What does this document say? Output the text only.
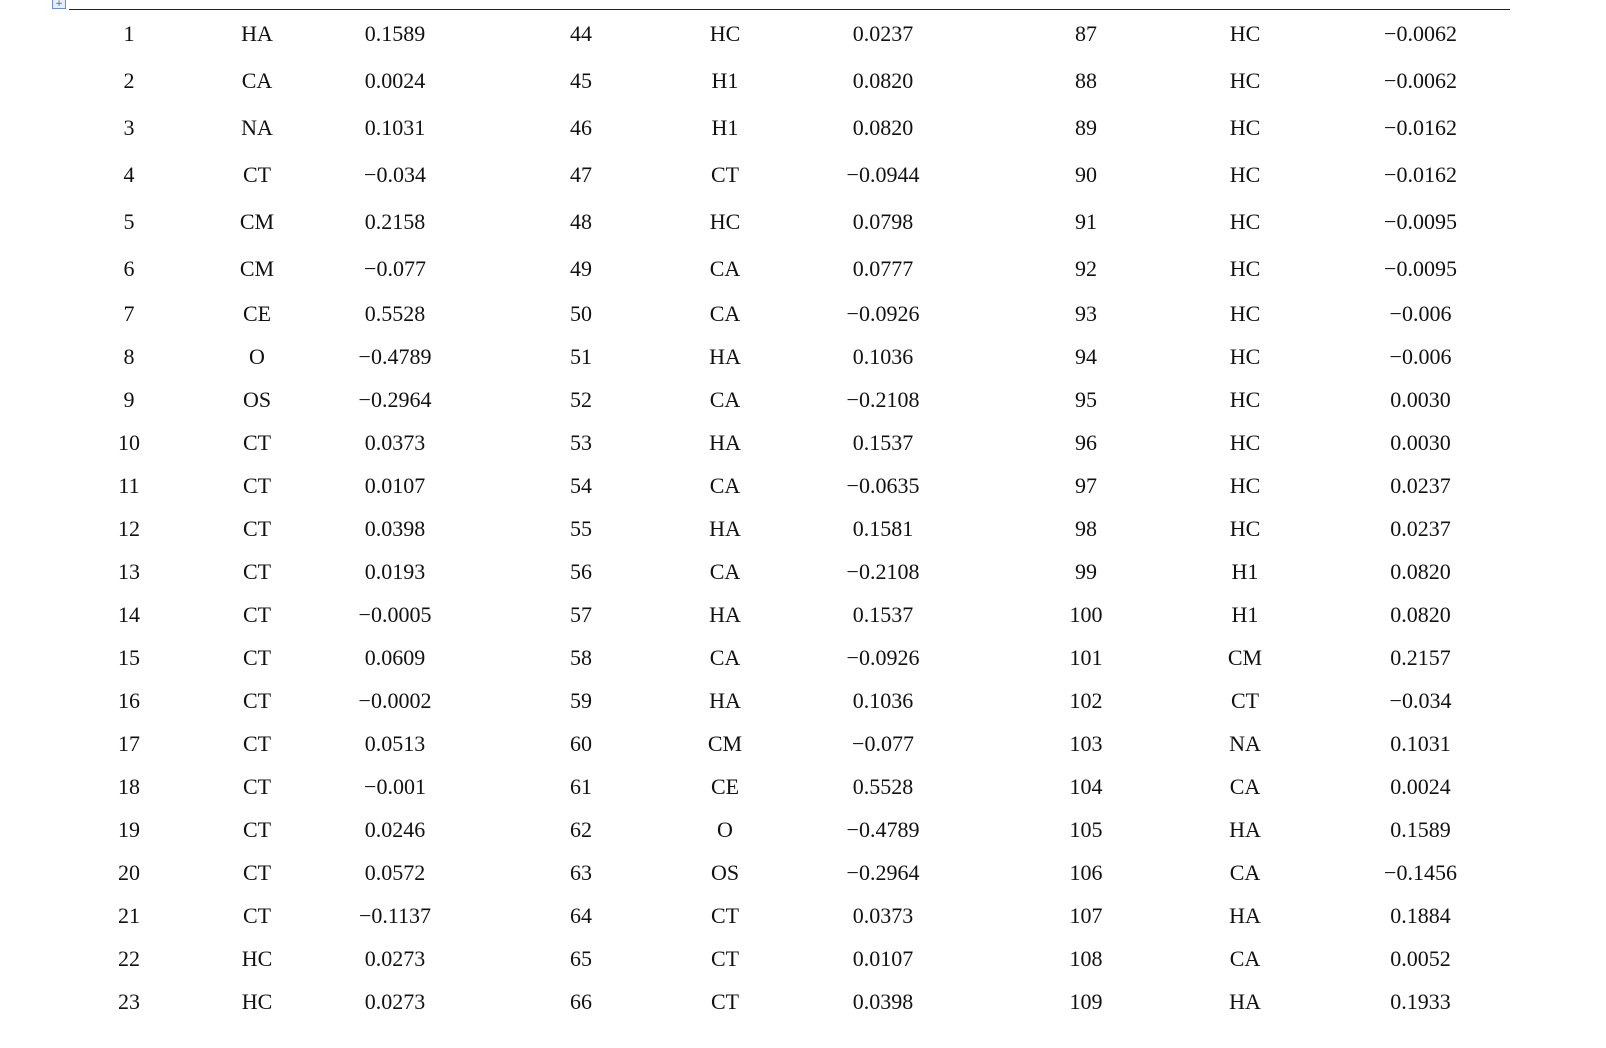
+
1	HA	0.1589	44	HC	0.0237	87	HC	−0.0062
2	CA	0.0024	45	H1	0.0820	88	HC	−0.0062
3	NA	0.1031	46	H1	0.0820	89	HC	−0.0162
4	CT	−0.034	47	CT	−0.0944	90	HC	−0.0162
5	CM	0.2158	48	HC	0.0798	91	HC	−0.0095
6	CM	−0.077	49	CA	0.0777	92	HC	−0.0095
7	CE	0.5528	50	CA	−0.0926	93	HC	−0.006
8	O	−0.4789	51	HA	0.1036	94	HC	−0.006
9	OS	−0.2964	52	CA	−0.2108	95	HC	0.0030
10	CT	0.0373	53	HA	0.1537	96	HC	0.0030
11	CT	0.0107	54	CA	−0.0635	97	HC	0.0237
12	CT	0.0398	55	HA	0.1581	98	HC	0.0237
13	CT	0.0193	56	CA	−0.2108	99	H1	0.0820
14	CT	−0.0005	57	HA	0.1537	100	H1	0.0820
15	CT	0.0609	58	CA	−0.0926	101	CM	0.2157
16	CT	−0.0002	59	HA	0.1036	102	CT	−0.034
17	CT	0.0513	60	CM	−0.077	103	NA	0.1031
18	CT	−0.001	61	CE	0.5528	104	CA	0.0024
19	CT	0.0246	62	O	−0.4789	105	HA	0.1589
20	CT	0.0572	63	OS	−0.2964	106	CA	−0.1456
21	CT	−0.1137	64	CT	0.0373	107	HA	0.1884
22	HC	0.0273	65	CT	0.0107	108	CA	0.0052
23	HC	0.0273	66	CT	0.0398	109	HA	0.1933
